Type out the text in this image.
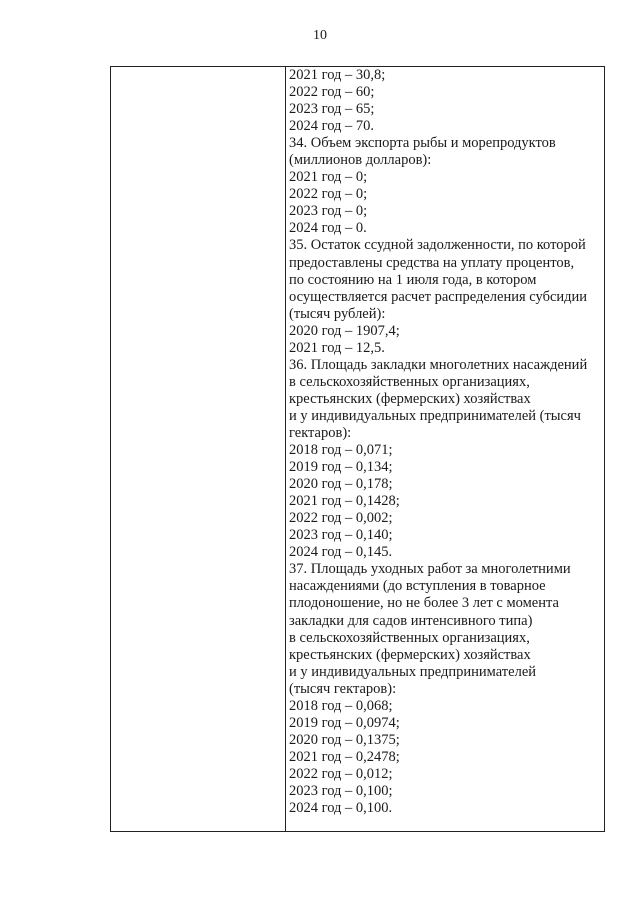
10
2021 год – 30,8;
2022 год – 60;
2023 год – 65;
2024 год – 70.
34. Объем экспорта рыбы и морепродуктов
(миллионов долларов):
2021 год – 0;
2022 год – 0;
2023 год – 0;
2024 год – 0.
35. Остаток ссудной задолженности, по которой
предоставлены средства на уплату процентов,
по состоянию на 1 июля года, в котором
осуществляется расчет распределения субсидии
(тысяч рублей):
2020 год – 1907,4;
2021 год – 12,5.
36. Площадь закладки многолетних насаждений
в сельскохозяйственных организациях,
крестьянских (фермерских) хозяйствах
и у индивидуальных предпринимателей (тысяч
гектаров):
2018 год – 0,071;
2019 год – 0,134;
2020 год – 0,178;
2021 год – 0,1428;
2022 год – 0,002;
2023 год – 0,140;
2024 год – 0,145.
37. Площадь уходных работ за многолетними
насаждениями (до вступления в товарное
плодоношение, но не более 3 лет с момента
закладки для садов интенсивного типа)
в сельскохозяйственных организациях,
крестьянских (фермерских) хозяйствах
и у индивидуальных предпринимателей
(тысяч гектаров):
2018 год – 0,068;
2019 год – 0,0974;
2020 год – 0,1375;
2021 год – 0,2478;
2022 год – 0,012;
2023 год – 0,100;
2024 год – 0,100.
